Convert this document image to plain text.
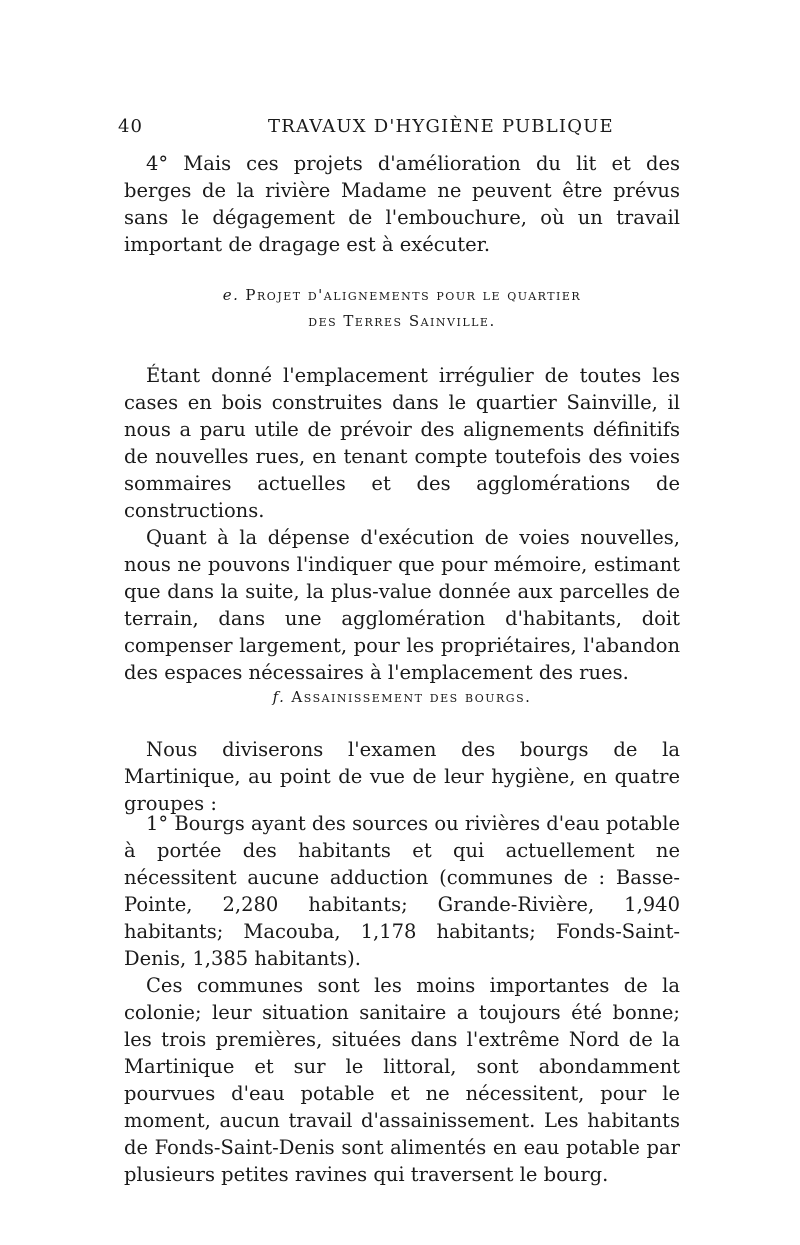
40	TRAVAUX D'HYGIÈNE PUBLIQUE

4° Mais ces projets d'amélioration du lit et des berges de la rivière Madame ne peuvent être prévus sans le dégagement de l'embouchure, où un travail important de dragage est à exécuter.

e. Projet d'alignements pour le quartier
des Terres Sainville.

Étant donné l'emplacement irrégulier de toutes les cases en bois construites dans le quartier Sainville, il nous a paru utile de prévoir des alignements définitifs de nouvelles rues, en tenant compte toutefois des voies sommaires actuelles et des agglomérations de constructions.

Quant à la dépense d'exécution de voies nouvelles, nous ne pouvons l'indiquer que pour mémoire, estimant que dans la suite, la plus-value donnée aux parcelles de terrain, dans une agglomération d'habitants, doit compenser largement, pour les propriétaires, l'abandon des espaces nécessaires à l'emplacement des rues.

f. Assainissement des bourgs.

Nous diviserons l'examen des bourgs de la Martinique, au point de vue de leur hygiène, en quatre groupes :

1° Bourgs ayant des sources ou rivières d'eau potable à portée des habitants et qui actuellement ne nécessitent aucune adduction (communes de : Basse-Pointe, 2,280 habitants; Grande-Rivière, 1,940 habitants; Macouba, 1,178 habitants; Fonds-Saint-Denis, 1,385 habitants).

Ces communes sont les moins importantes de la colonie; leur situation sanitaire a toujours été bonne; les trois premières, situées dans l'extrême Nord de la Martinique et sur le littoral, sont abondamment pourvues d'eau potable et ne nécessitent, pour le moment, aucun travail d'assainissement. Les habitants de Fonds-Saint-Denis sont alimentés en eau potable par plusieurs petites ravines qui traversent le bourg.
